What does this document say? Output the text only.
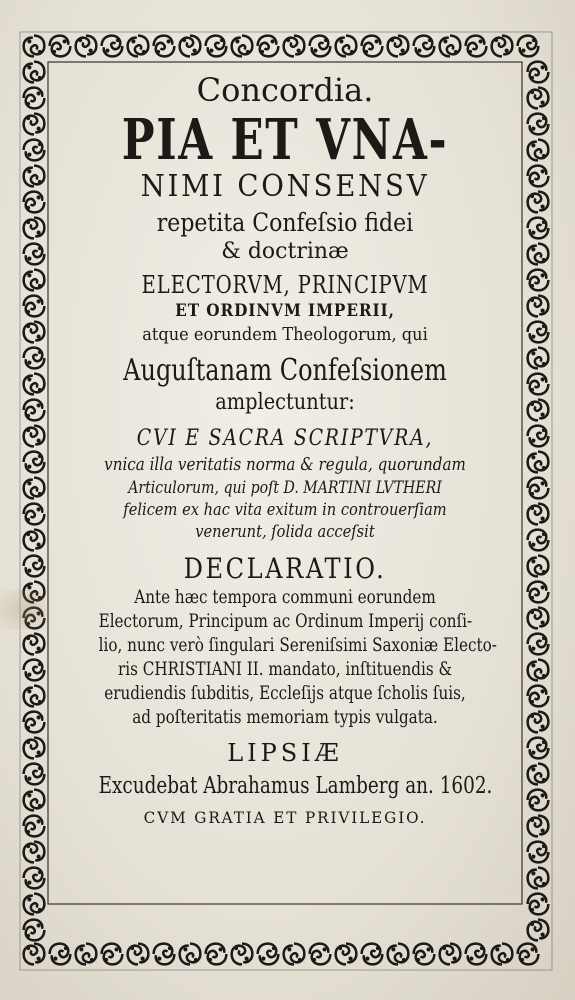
Concordia.
PIA ET VNA-
NIMI CONSENSV
repetita Confeſsio fidei
& doctrinæ
ELECTORVM, PRINCIPVM
ET ORDINVM IMPERII,
atque eorundem Theologorum, qui
Auguſtanam Confeſsionem
amplectuntur:
CVI E SACRA SCRIPTVRA,
vnica illa veritatis norma & regula, quorundam
Articulorum, qui poſt D. MARTINI LVTHERI
felicem ex hac vita exitum in controuerſiam
venerunt, ſolida acceſsit
DECLARATIO.
Ante hæc tempora communi eorundem
Electorum, Principum ac Ordinum Imperij conſi-
lio, nunc verò ſingulari Sereniſsimi Saxoniæ Electo-
ris CHRISTIANI II. mandato, inſtituendis &
erudiendis ſubditis, Eccleſijs atque ſcholis ſuis,
ad poſteritatis memoriam typis vulgata.
LIPSIÆ
Excudebat Abrahamus Lamberg an. 1602.
CVM GRATIA ET PRIVILEGIO.
